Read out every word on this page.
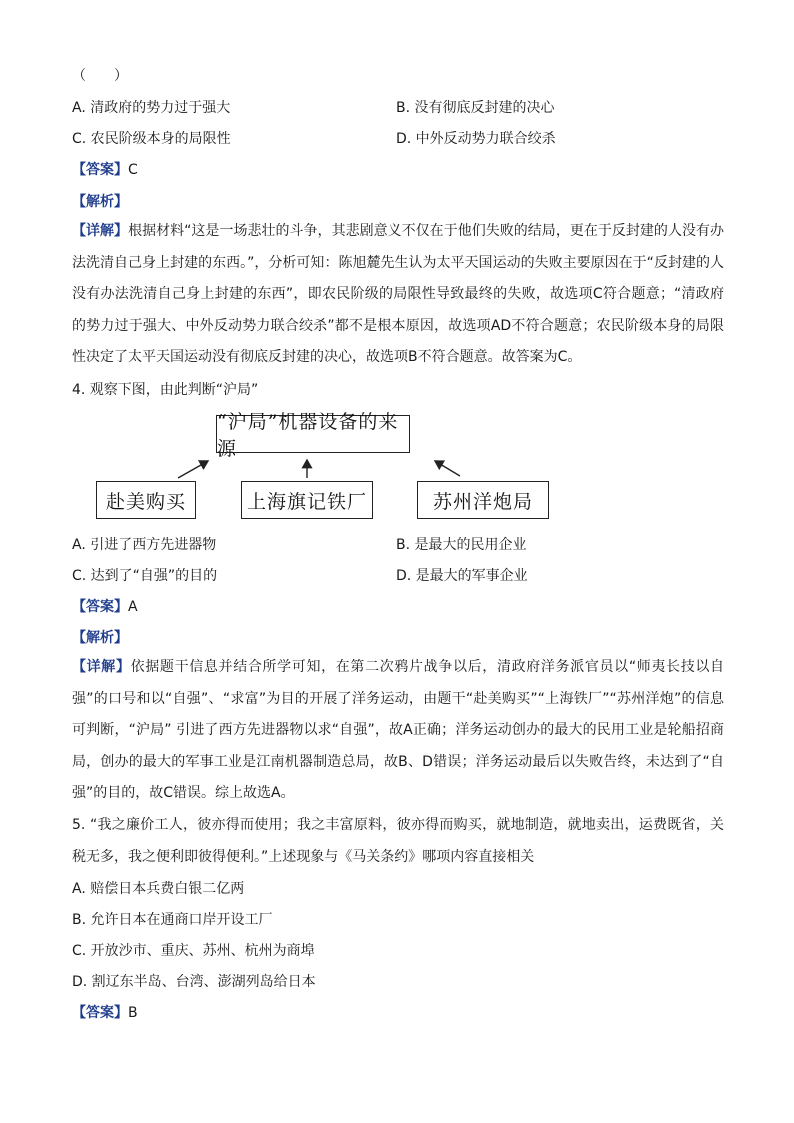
（　　）
A. 清政府的势力过于强大	B. 没有彻底反封建的决心
C. 农民阶级本身的局限性	D. 中外反动势力联合绞杀
【答案】C
【解析】
【详解】根据材料“这是一场悲壮的斗争，其悲剧意义不仅在于他们失败的结局，更在于反封建的人没有办法洗清自己身上封建的东西。”，分析可知：陈旭麓先生认为太平天国运动的失败主要原因在于“反封建的人没有办法洗清自己身上封建的东西”，即农民阶级的局限性导致最终的失败，故选项C符合题意；“清政府的势力过于强大、中外反动势力联合绞杀”都不是根本原因，故选项AD不符合题意；农民阶级本身的局限性决定了太平天国运动没有彻底反封建的决心，故选项B不符合题意。故答案为C。
4. 观察下图，由此判断“沪局”
“沪局”机器设备的来源
赴美购买	上海旗记铁厂	苏州洋炮局
A. 引进了西方先进器物	B. 是最大的民用企业
C. 达到了“自强”的目的	D. 是最大的军事企业
【答案】A
【解析】
【详解】依据题干信息并结合所学可知，在第二次鸦片战争以后，清政府洋务派官员以“师夷长技以自强”的口号和以“自强”、“求富”为目的开展了洋务运动，由题干“赴美购买”“上海铁厂”“苏州洋炮”的信息可判断，“沪局” 引进了西方先进器物以求“自强”，故A正确；洋务运动创办的最大的民用工业是轮船招商局，创办的最大的军事工业是江南机器制造总局，故B、D错误；洋务运动最后以失败告终，未达到了“自强”的目的，故C错误。综上故选A。
5. “我之廉价工人，彼亦得而使用；我之丰富原料，彼亦得而购买，就地制造，就地卖出，运费既省，关税无多，我之便利即彼得便利。”上述现象与《马关条约》哪项内容直接相关
A. 赔偿日本兵费白银二亿两
B. 允许日本在通商口岸开设工厂
C. 开放沙市、重庆、苏州、杭州为商埠
D. 割辽东半岛、台湾、澎湖列岛给日本
【答案】B
